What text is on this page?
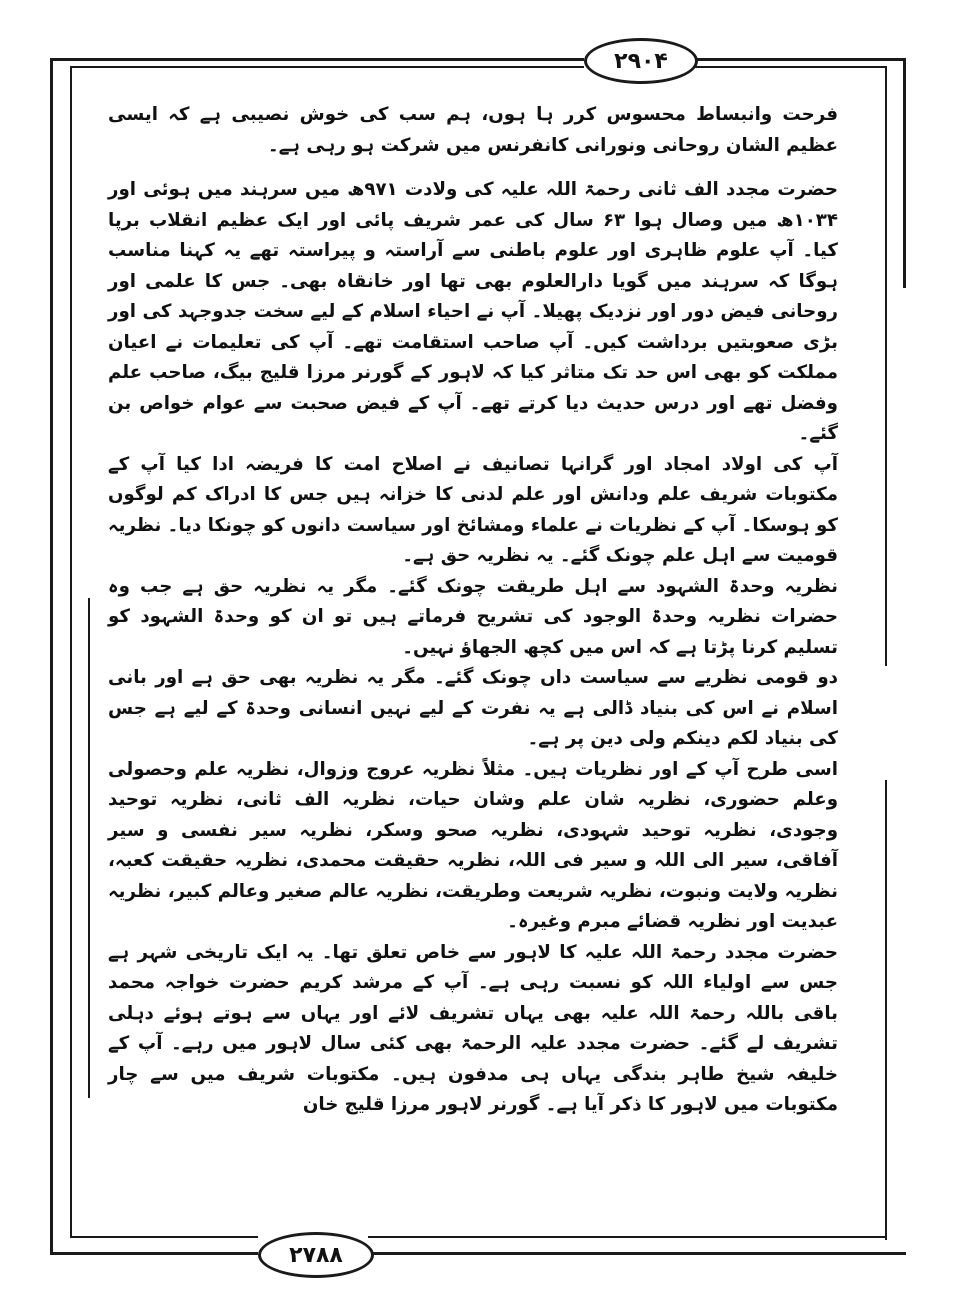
۲۹۰۴

فرحت وانبساط محسوس کرر ہا ہوں، ہم سب کی خوش نصیبی ہے کہ ایسی عظیم الشان روحانی ونورانی کانفرنس میں شرکت ہو رہی ہے۔

حضرت مجدد الف ثانی رحمۃ اللہ علیہ کی ولادت ۹۷۱ھ میں سرہند میں ہوئی اور ۱۰۳۴ھ میں وصال ہوا ۶۳ سال کی عمر شریف پائی اور ایک عظیم انقلاب برپا کیا۔ آپ علوم ظاہری اور علوم باطنی سے آراستہ و پیراستہ تھے یہ کہنا مناسب ہوگا کہ سرہند میں گویا دارالعلوم بھی تھا اور خانقاہ بھی۔ جس کا علمی اور روحانی فیض دور اور نزدیک پھیلا۔ آپ نے احیاء اسلام کے لیے سخت جدوجہد کی اور بڑی صعوبتیں برداشت کیں۔ آپ صاحب استقامت تھے۔ آپ کی تعلیمات نے اعیان مملکت کو بھی اس حد تک متاثر کیا کہ لاہور کے گورنر مرزا قلیج بیگ، صاحب علم وفضل تھے اور درس حدیث دیا کرتے تھے۔ آپ کے فیض صحبت سے عوام خواص بن گئے۔

آپ کی اولاد امجاد اور گرانہا تصانیف نے اصلاح امت کا فریضہ ادا کیا آپ کے مکتوبات شریف علم ودانش اور علم لدنی کا خزانہ ہیں جس کا ادراک کم لوگوں کو ہوسکا۔ آپ کے نظریات نے علماء ومشائخ اور سیاست دانوں کو چونکا دیا۔ نظریہ قومیت سے اہل علم چونک گئے۔ یہ نظریہ حق ہے۔

نظریہ وحدۃ الشہود سے اہل طریقت چونک گئے۔ مگر یہ نظریہ حق ہے جب وہ حضرات نظریہ وحدۃ الوجود کی تشریح فرماتے ہیں تو ان کو وحدۃ الشہود کو تسلیم کرنا پڑتا ہے کہ اس میں کچھ الجھاؤ نہیں۔

دو قومی نظریے سے سیاست داں چونک گئے۔ مگر یہ نظریہ بھی حق ہے اور بانی اسلام نے اس کی بنیاد ڈالی ہے یہ نفرت کے لیے نہیں انسانی وحدۃ کے لیے ہے جس کی بنیاد لکم دینکم ولی دین پر ہے۔

اسی طرح آپ کے اور نظریات ہیں۔ مثلاً نظریہ عروج وزوال، نظریہ علم وحصولی وعلم حضوری، نظریہ شان علم وشان حیات، نظریہ الف ثانی، نظریہ توحید وجودی، نظریہ توحید شہودی، نظریہ صحو وسکر، نظریہ سیر نفسی و سیر آفاقی، سیر الی اللہ و سیر فی اللہ، نظریہ حقیقت محمدی، نظریہ حقیقت کعبہ، نظریہ ولایت ونبوت، نظریہ شریعت وطریقت، نظریہ عالم صغیر وعالم کبیر، نظریہ عبدیت اور نظریہ قضائے مبرم وغیرہ۔

حضرت مجدد رحمۃ اللہ علیہ کا لاہور سے خاص تعلق تھا۔ یہ ایک تاریخی شہر ہے جس سے اولیاء اللہ کو نسبت رہی ہے۔ آپ کے مرشد کریم حضرت خواجہ محمد باقی باللہ رحمۃ اللہ علیہ بھی یہاں تشریف لائے اور یہاں سے ہوتے ہوئے دہلی تشریف لے گئے۔ حضرت مجدد علیہ الرحمۃ بھی کئی سال لاہور میں رہے۔ آپ کے خلیفہ شیخ طاہر بندگی یہاں ہی مدفون ہیں۔ مکتوبات شریف میں سے چار مکتوبات میں لاہور کا ذکر آیا ہے۔ گورنر لاہور مرزا قلیج خان

۲۷۸۸
